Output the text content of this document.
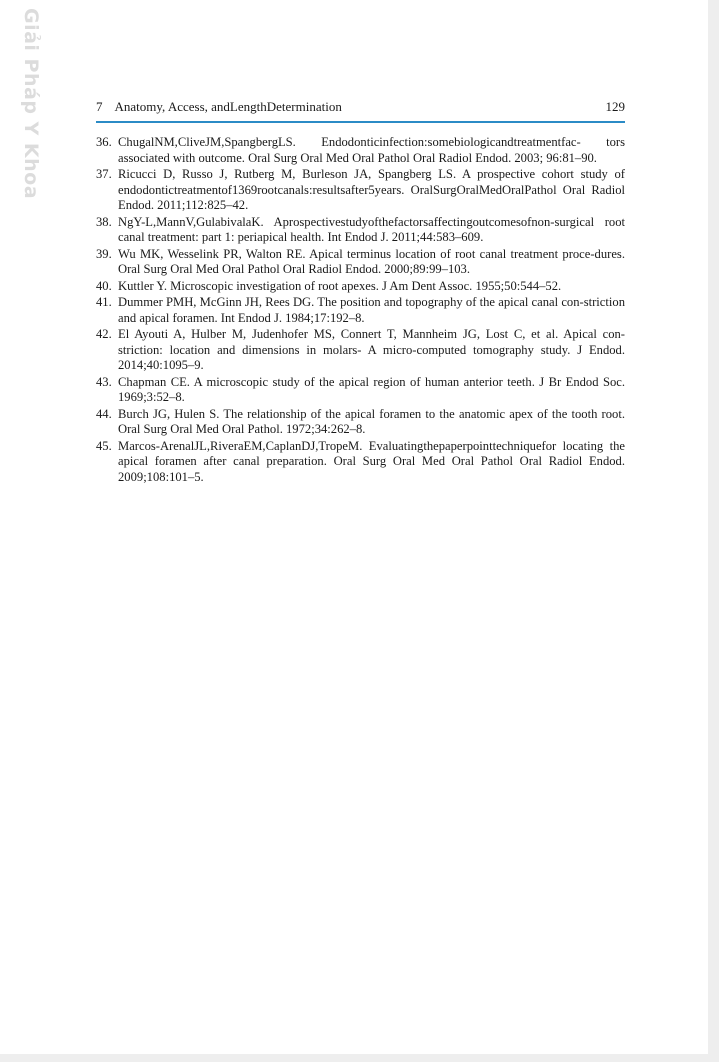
Giải Pháp Y Khoa	7 Anatomy, Access, andLengthDetermination	129
36. ChugalNM,CliveJM,SpangbergLS. Endodonticinfection:somebiologicandtreatmentfac- tors associated with outcome. Oral Surg Oral Med Oral Pathol Oral Radiol Endod. 2003; 96:81–90.
37. Ricucci D, Russo J, Rutberg M, Burleson JA, Spangberg LS. A prospective cohort study of endodontictreatmentof1369rootcanals:resultsafter5years. OralSurgOralMedOralPathol Oral Radiol Endod. 2011;112:825–42.
38. NgY-L,MannV,GulabivalaK. Aprospectivestudyofthefactorsaffectingoutcomesofnon-surgical root canal treatment: part 1: periapical health. Int Endod J. 2011;44:583–609.
39. Wu MK, Wesselink PR, Walton RE. Apical terminus location of root canal treatment proce-dures. Oral Surg Oral Med Oral Pathol Oral Radiol Endod. 2000;89:99–103.
40. Kuttler Y. Microscopic investigation of root apexes. J Am Dent Assoc. 1955;50:544–52.
41. Dummer PMH, McGinn JH, Rees DG. The position and topography of the apical canal con-striction and apical foramen. Int Endod J. 1984;17:192–8.
42. El Ayouti A, Hulber M, Judenhofer MS, Connert T, Mannheim JG, Lost C, et al. Apical con-striction: location and dimensions in molars- A micro-computed tomography study. J Endod. 2014;40:1095–9.
43. Chapman CE. A microscopic study of the apical region of human anterior teeth. J Br Endod Soc. 1969;3:52–8.
44. Burch JG, Hulen S. The relationship of the apical foramen to the anatomic apex of the tooth root. Oral Surg Oral Med Oral Pathol. 1972;34:262–8.
45. Marcos-ArenalJL,RiveraEM,CaplanDJ,TropeM. Evaluatingthepaperpointtechniquefor locating the apical foramen after canal preparation. Oral Surg Oral Med Oral Pathol Oral Radiol Endod. 2009;108:101–5.
